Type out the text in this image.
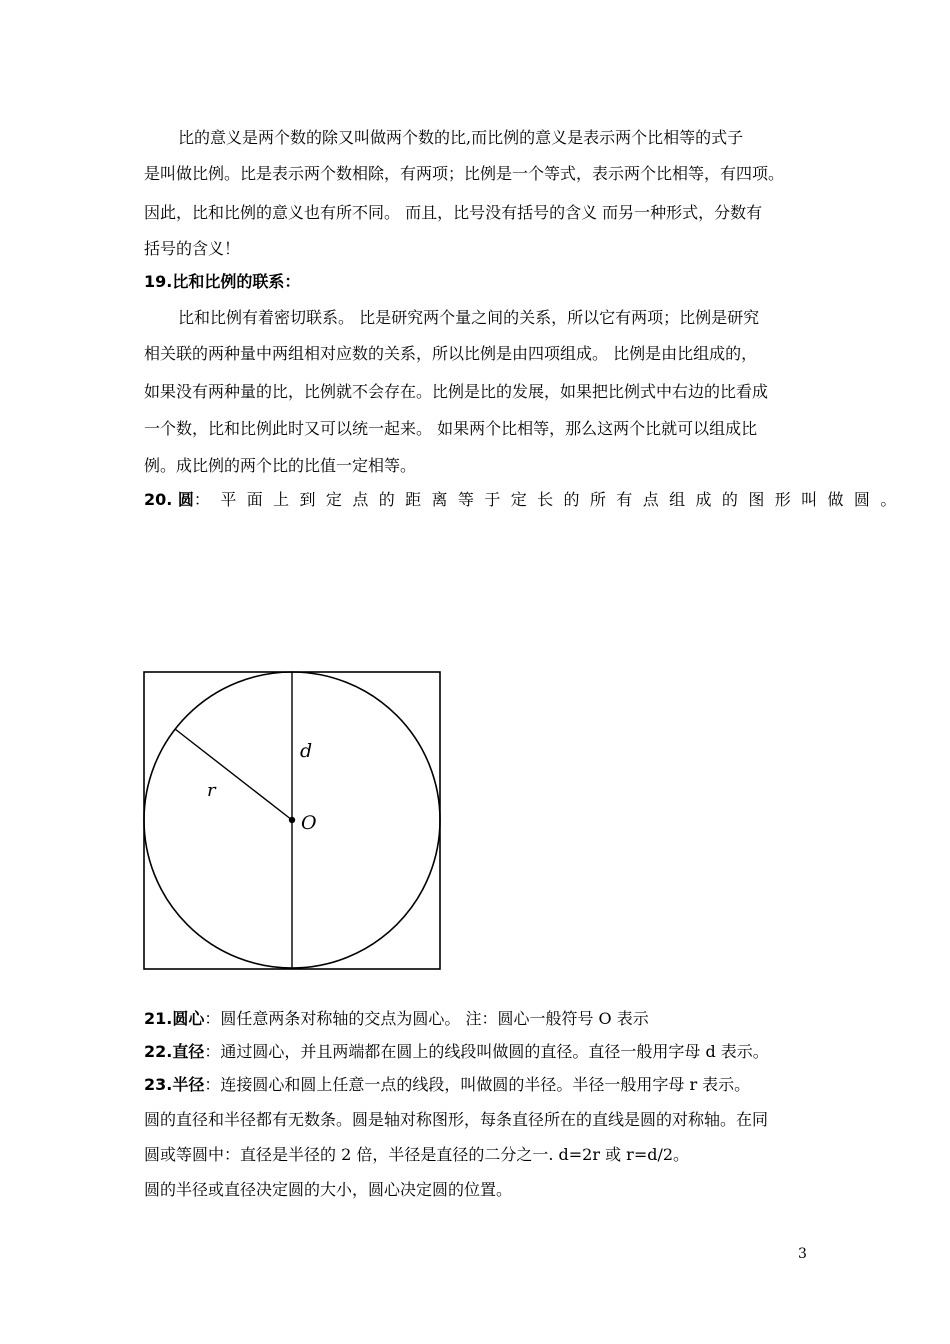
比的意义是两个数的除又叫做两个数的比,而比例的意义是表示两个比相等的式子
是叫做比例。比是表示两个数相除，有两项；比例是一个等式，表示两个比相等，有四项。
因此，比和比例的意义也有所不同。 而且，比号没有括号的含义 而另一种形式，分数有
括号的含义！
19.比和比例的联系：
比和比例有着密切联系。 比是研究两个量之间的关系，所以它有两项；比例是研究
相关联的两种量中两组相对应数的关系，所以比例是由四项组成。 比例是由比组成的，
如果没有两种量的比，比例就不会存在。比例是比的发展，如果把比例式中右边的比看成
一个数，比和比例此时又可以统一起来。 如果两个比相等，那么这两个比就可以组成比
例。成比例的两个比的比值一定相等。
20. 圆：平面上到定点的距离等于定长的所有点组成的图形叫做圆。
d
r
O
21.圆心：圆任意两条对称轴的交点为圆心。 注：圆心一般符号 O 表示
22.直径：通过圆心，并且两端都在圆上的线段叫做圆的直径。直径一般用字母 d 表示。
23.半径：连接圆心和圆上任意一点的线段，叫做圆的半径。半径一般用字母 r 表示。
圆的直径和半径都有无数条。圆是轴对称图形，每条直径所在的直线是圆的对称轴。在同
圆或等圆中：直径是半径的 2 倍，半径是直径的二分之一. d=2r 或 r=d/2。
圆的半径或直径决定圆的大小，圆心决定圆的位置。
3
